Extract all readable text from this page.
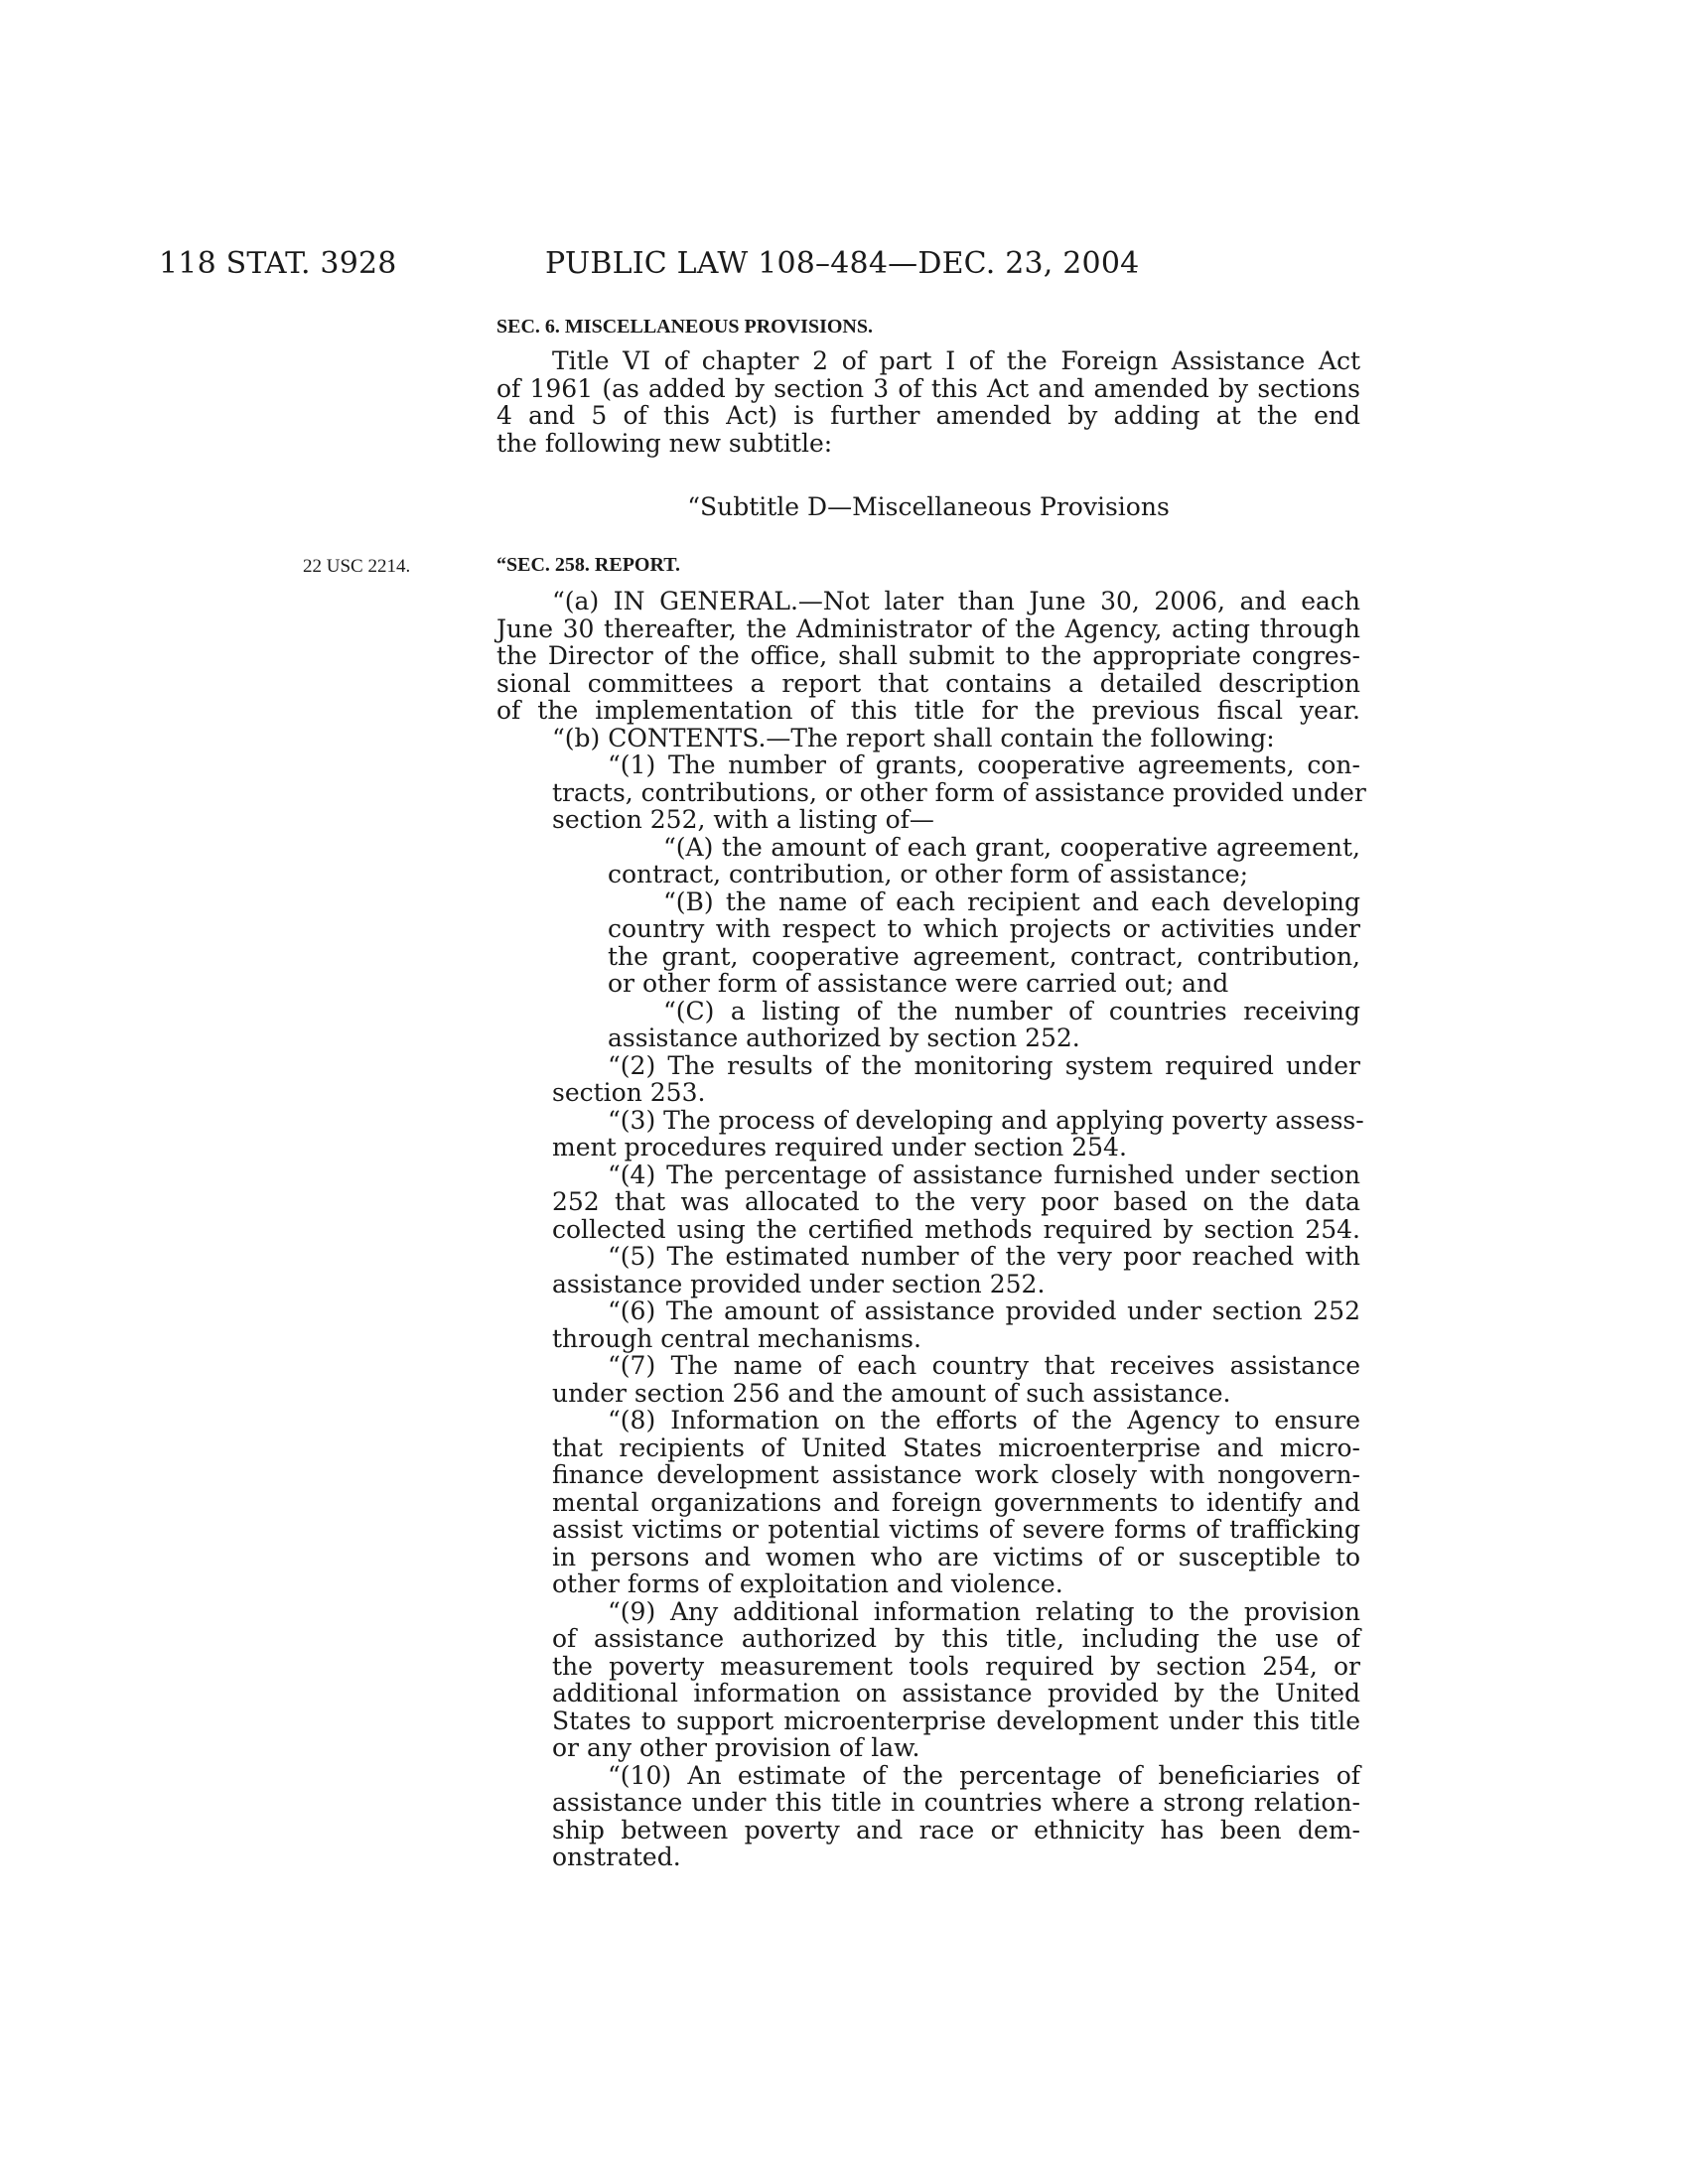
118 STAT. 3928	PUBLIC LAW 108–484—DEC. 23, 2004
SEC. 6. MISCELLANEOUS PROVISIONS.
Title VI of chapter 2 of part I of the Foreign Assistance Act
of 1961 (as added by section 3 of this Act and amended by sections
4 and 5 of this Act) is further amended by adding at the end
the following new subtitle:
“Subtitle D—Miscellaneous Provisions
22 USC 2214.	“SEC. 258. REPORT.
“(a) IN GENERAL.—Not later than June 30, 2006, and each
June 30 thereafter, the Administrator of the Agency, acting through
the Director of the office, shall submit to the appropriate congres-
sional committees a report that contains a detailed description
of the implementation of this title for the previous fiscal year.
“(b) CONTENTS.—The report shall contain the following:
“(1) The number of grants, cooperative agreements, con-
tracts, contributions, or other form of assistance provided under
section 252, with a listing of—
“(A) the amount of each grant, cooperative agreement,
contract, contribution, or other form of assistance;
“(B) the name of each recipient and each developing
country with respect to which projects or activities under
the grant, cooperative agreement, contract, contribution,
or other form of assistance were carried out; and
“(C) a listing of the number of countries receiving
assistance authorized by section 252.
“(2) The results of the monitoring system required under
section 253.
“(3) The process of developing and applying poverty assess-
ment procedures required under section 254.
“(4) The percentage of assistance furnished under section
252 that was allocated to the very poor based on the data
collected using the certified methods required by section 254.
“(5) The estimated number of the very poor reached with
assistance provided under section 252.
“(6) The amount of assistance provided under section 252
through central mechanisms.
“(7) The name of each country that receives assistance
under section 256 and the amount of such assistance.
“(8) Information on the efforts of the Agency to ensure
that recipients of United States microenterprise and micro-
finance development assistance work closely with nongovern-
mental organizations and foreign governments to identify and
assist victims or potential victims of severe forms of trafficking
in persons and women who are victims of or susceptible to
other forms of exploitation and violence.
“(9) Any additional information relating to the provision
of assistance authorized by this title, including the use of
the poverty measurement tools required by section 254, or
additional information on assistance provided by the United
States to support microenterprise development under this title
or any other provision of law.
“(10) An estimate of the percentage of beneficiaries of
assistance under this title in countries where a strong relation-
ship between poverty and race or ethnicity has been dem-
onstrated.
